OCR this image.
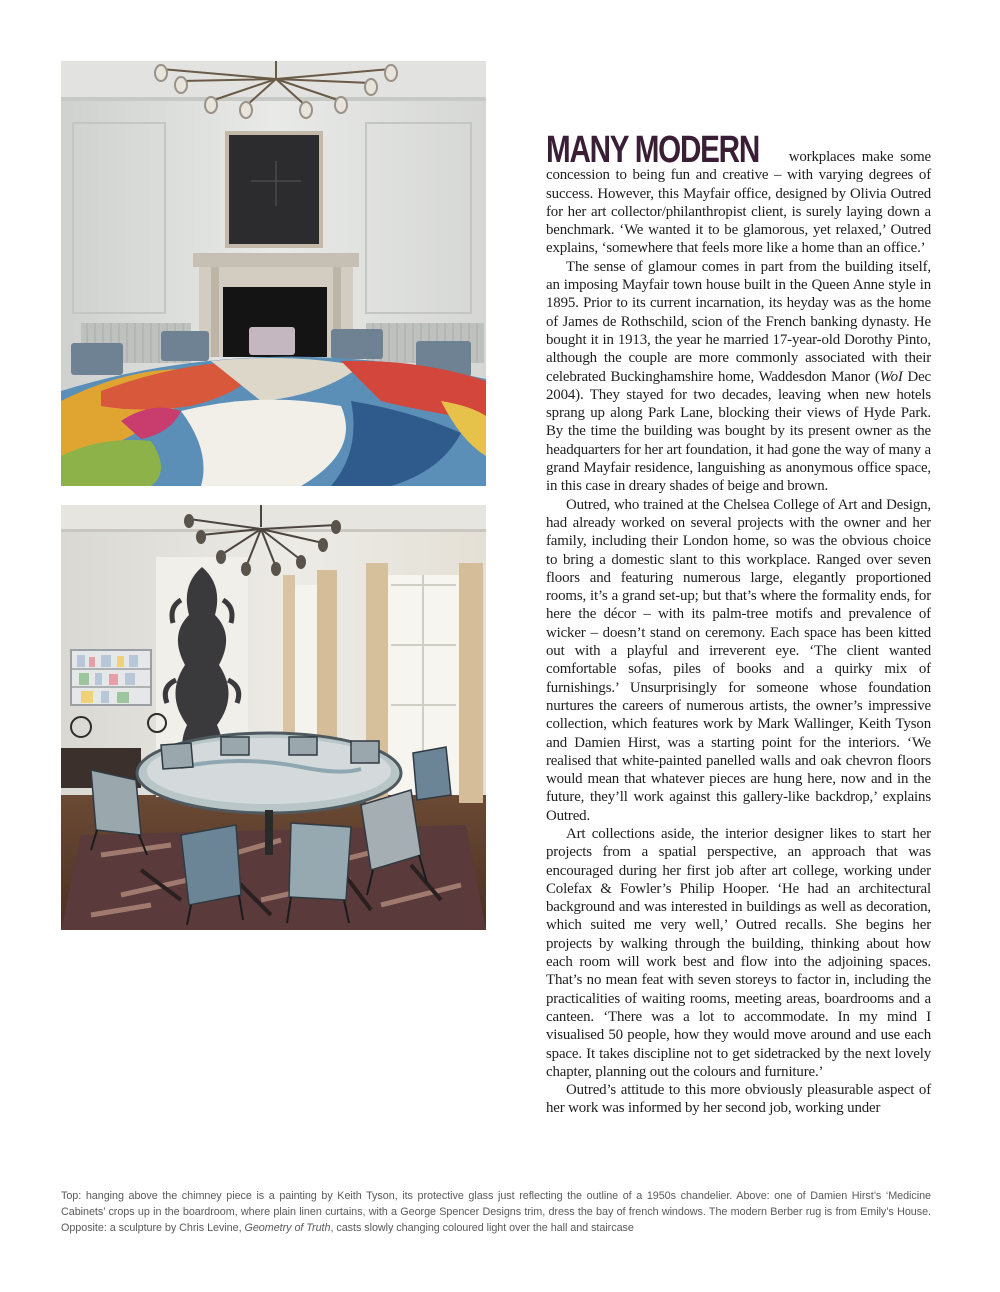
MANY MODERN workplaces make some concession to being fun and creative – with varying degrees of success. However, this Mayfair office, designed by Olivia Outred for her art collector/philanthropist client, is surely laying down a benchmark. ‘We wanted it to be glamorous, yet relaxed,’ Outred explains, ‘somewhere that feels more like a home than an office.’

The sense of glamour comes in part from the building itself, an imposing Mayfair town house built in the Queen Anne style in 1895. Prior to its current incarnation, its heyday was as the home of James de Rothschild, scion of the French banking dynasty. He bought it in 1913, the year he married 17-year-old Dorothy Pinto, although the couple are more commonly associated with their celebrated Buckinghamshire home, Waddesdon Manor (WoI Dec 2004). They stayed for two decades, leaving when new hotels sprang up along Park Lane, blocking their views of Hyde Park. By the time the building was bought by its present owner as the headquarters for her art foundation, it had gone the way of many a grand Mayfair residence, languishing as anonymous office space, in this case in dreary shades of beige and brown.

Outred, who trained at the Chelsea College of Art and Design, had already worked on several projects with the owner and her family, including their London home, so was the obvious choice to bring a domestic slant to this workplace. Ranged over seven floors and featuring numerous large, elegantly proportioned rooms, it’s a grand set-up; but that’s where the formality ends, for here the décor – with its palm-tree motifs and prevalence of wicker – doesn’t stand on ceremony. Each space has been kitted out with a playful and irreverent eye. ‘The client wanted comfortable sofas, piles of books and a quirky mix of furnishings.’ Unsurprisingly for someone whose foundation nurtures the careers of numerous artists, the owner’s impressive collection, which features work by Mark Wallinger, Keith Tyson and Damien Hirst, was a starting point for the interiors. ‘We realised that white-painted panelled walls and oak chevron floors would mean that whatever pieces are hung here, now and in the future, they’ll work against this gallery-like backdrop,’ explains Outred.

Art collections aside, the interior designer likes to start her projects from a spatial perspective, an approach that was encouraged during her first job after art college, working under Colefax & Fowler’s Philip Hooper. ‘He had an architectural background and was interested in buildings as well as decoration, which suited me very well,’ Outred recalls. She begins her projects by walking through the building, thinking about how each room will work best and flow into the adjoining spaces. That’s no mean feat with seven storeys to factor in, including the practicalities of waiting rooms, meeting areas, boardrooms and a canteen. ‘There was a lot to accommodate. In my mind I visualised 50 people, how they would move around and use each space. It takes discipline not to get sidetracked by the next lovely chapter, planning out the colours and furniture.’

Outred’s attitude to this more obviously pleasurable aspect of her work was informed by her second job, working under

Top: hanging above the chimney piece is a painting by Keith Tyson, its protective glass just reflecting the outline of a 1950s chandelier. Above: one of Damien Hirst’s ‘Medicine Cabinets’ crops up in the boardroom, where plain linen curtains, with a George Spencer Designs trim, dress the bay of french windows. The modern Berber rug is from Emily’s House. Opposite: a sculpture by Chris Levine, Geometry of Truth, casts slowly changing coloured light over the hall and staircase
